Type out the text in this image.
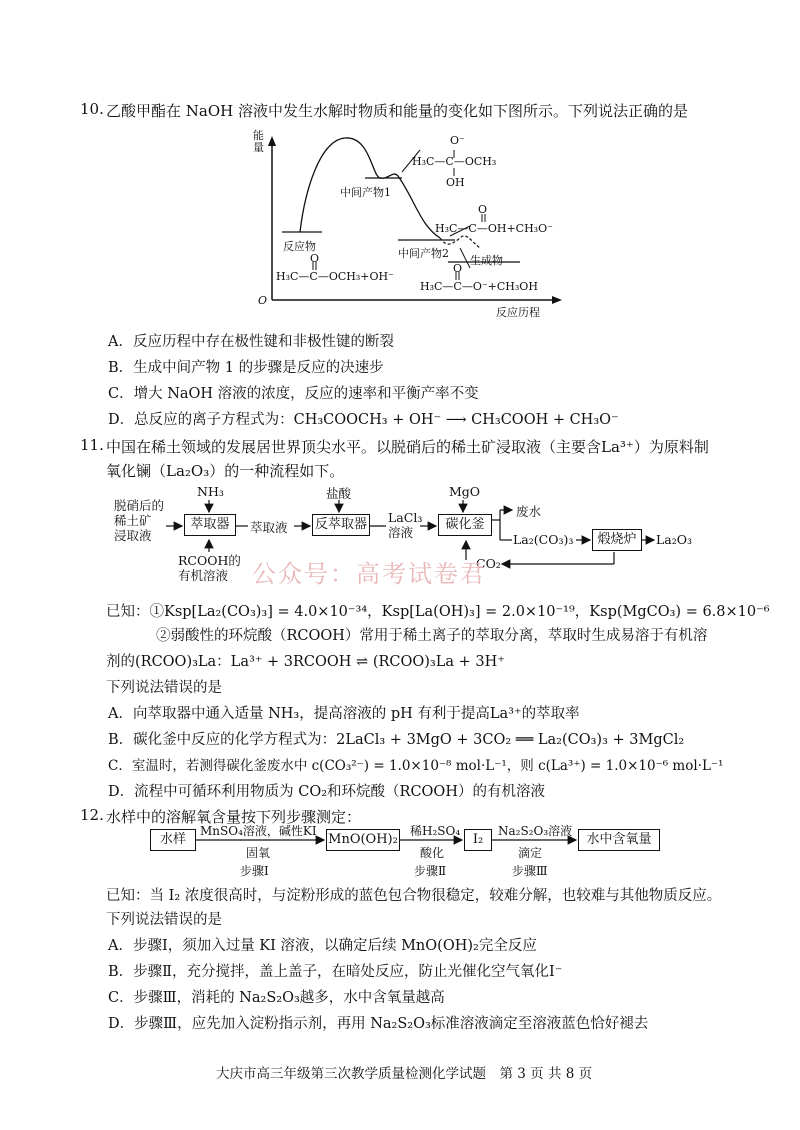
10. 乙酸甲酯在 NaOH 溶液中发生水解时物质和能量的变化如下图所示。下列说法正确的是
能量
O
反应历程
反应物
O
H₃C—C—OCH₃+OH⁻
中间产物1
O⁻
H₃C—C—OCH₃
OH
O
H₃C—C—OH+CH₃O⁻
中间产物2
生成物
O
H₃C—C—O⁻+CH₃OH
A．反应历程中存在极性键和非极性键的断裂
B．生成中间产物 1 的步骤是反应的决速步
C．增大 NaOH 溶液的浓度，反应的速率和平衡产率不变
D．总反应的离子方程式为：CH₃COOCH₃ + OH⁻ ⟶ CH₃COOH + CH₃O⁻
11. 中国在稀土领域的发展居世界顶尖水平。以脱硝后的稀土矿浸取液（主要含La³⁺）为原料制
氧化镧（La₂O₃）的一种流程如下。
脱硝后的
稀土矿
浸取液
NH₃
萃取器
RCOOH的
有机溶液
萃取液
盐酸
反萃取器 LaCl₃
溶液
MgO
碳化釜
废水
La₂(CO₃)₃	煅烧炉	La₂O₃
CO₂
公众号：高考试卷君
已知：①Ksp[La₂(CO₃)₃] = 4.0×10⁻³⁴，Ksp[La(OH)₃] = 2.0×10⁻¹⁹，Ksp(MgCO₃) = 6.8×10⁻⁶
②弱酸性的环烷酸（RCOOH）常用于稀土离子的萃取分离，萃取时生成易溶于有机溶
剂的(RCOO)₃La：La³⁺ + 3RCOOH ⇌ (RCOO)₃La + 3H⁺
下列说法错误的是
A．向萃取器中通入适量 NH₃，提高溶液的 pH 有利于提高La³⁺的萃取率
B．碳化釜中反应的化学方程式为：2LaCl₃ + 3MgO + 3CO₂ ══ La₂(CO₃)₃ + 3MgCl₂
C．室温时，若测得碳化釜废水中 c(CO₃²⁻) = 1.0×10⁻⁸ mol·L⁻¹，则 c(La³⁺) = 1.0×10⁻⁶ mol·L⁻¹
D．流程中可循环利用物质为 CO₂和环烷酸（RCOOH）的有机溶液
12. 水样中的溶解氧含量按下列步骤测定：
水样
MnSO₄溶液，碱性KI
固氧
步骤Ⅰ
MnO(OH)₂
稀H₂SO₄
酸化
步骤Ⅱ
I₂
Na₂S₂O₃溶液
滴定
步骤Ⅲ
水中含氧量
已知：当 I₂ 浓度很高时，与淀粉形成的蓝色包合物很稳定，较难分解，也较难与其他物质反应。
下列说法错误的是
A．步骤Ⅰ，须加入过量 KI 溶液，以确定后续 MnO(OH)₂完全反应
B．步骤Ⅱ，充分搅拌，盖上盖子，在暗处反应，防止光催化空气氧化I⁻
C．步骤Ⅲ，消耗的 Na₂S₂O₃越多，水中含氧量越高
D．步骤Ⅲ，应先加入淀粉指示剂，再用 Na₂S₂O₃标准溶液滴定至溶液蓝色恰好褪去
大庆市高三年级第三次教学质量检测化学试题　第 3 页 共 8 页
